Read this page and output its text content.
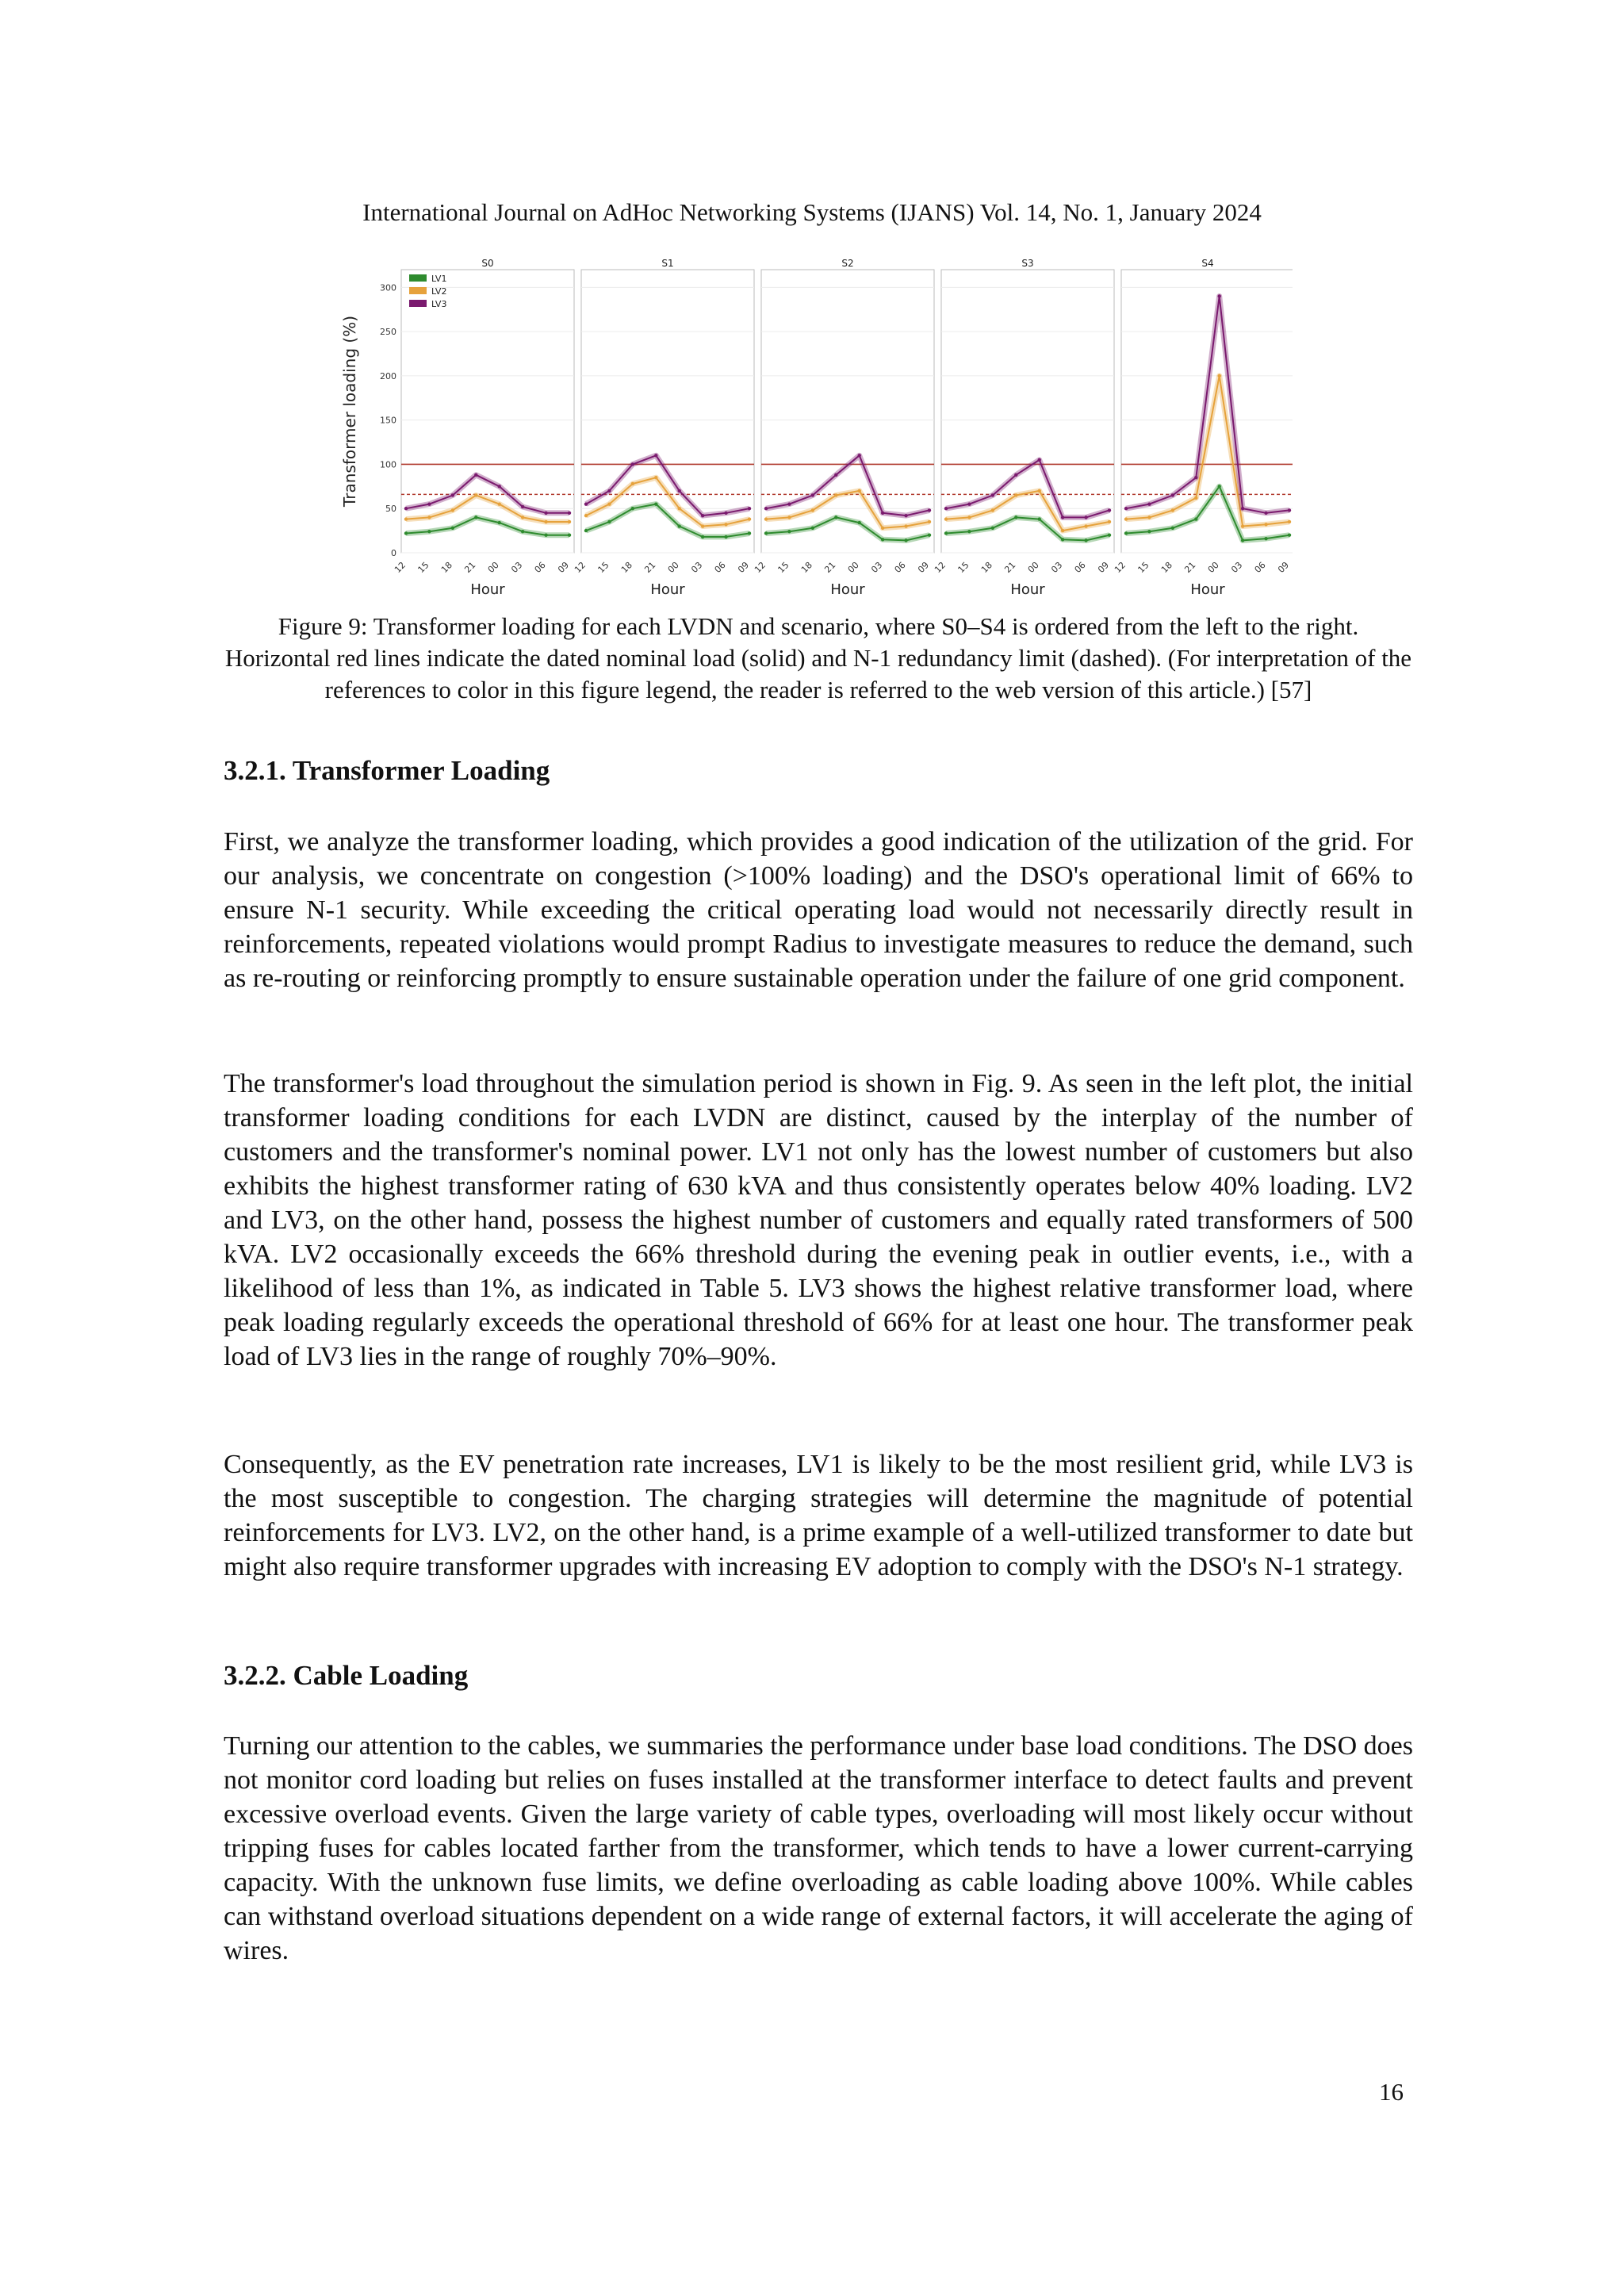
International Journal on AdHoc Networking Systems (IJANS) Vol. 14, No. 1, January 2024
Transformer loading (%)
0
50
100
150
200
250
300
S0
12 15 18 21 00 03 06 09
Hour
S1
12 15 18 21 00 03 06 09
Hour
S2
12 15 18 21 00 03 06 09
Hour
S3
12 15 18 21 00 03 06 09
Hour
S4
12 15 18 21 00 03 06 09
Hour
LV1
LV2
LV3
Figure 9: Transformer loading for each LVDN and scenario, where S0–S4 is ordered from the left to the right. Horizontal red lines indicate the dated nominal load (solid) and N-1 redundancy limit (dashed). (For interpretation of the references to color in this figure legend, the reader is referred to the web version of this article.) [57]
3.2.1. Transformer Loading

First, we analyze the transformer loading, which provides a good indication of the utilization of the grid. For our analysis, we concentrate on congestion (>100% loading) and the DSO's operational limit of 66% to ensure N-1 security. While exceeding the critical operating load would not necessarily directly result in reinforcements, repeated violations would prompt Radius to investigate measures to reduce the demand, such as re-routing or reinforcing promptly to ensure sustainable operation under the failure of one grid component.

The transformer's load throughout the simulation period is shown in Fig. 9. As seen in the left plot, the initial transformer loading conditions for each LVDN are distinct, caused by the interplay of the number of customers and the transformer's nominal power. LV1 not only has the lowest number of customers but also exhibits the highest transformer rating of 630 kVA and thus consistently operates below 40% loading. LV2 and LV3, on the other hand, possess the highest number of customers and equally rated transformers of 500 kVA. LV2 occasionally exceeds the 66% threshold during the evening peak in outlier events, i.e., with a likelihood of less than 1%, as indicated in Table 5. LV3 shows the highest relative transformer load, where peak loading regularly exceeds the operational threshold of 66% for at least one hour. The transformer peak load of LV3 lies in the range of roughly 70%–90%.

Consequently, as the EV penetration rate increases, LV1 is likely to be the most resilient grid, while LV3 is the most susceptible to congestion. The charging strategies will determine the magnitude of potential reinforcements for LV3. LV2, on the other hand, is a prime example of a well-utilized transformer to date but might also require transformer upgrades with increasing EV adoption to comply with the DSO's N-1 strategy.

3.2.2. Cable Loading

Turning our attention to the cables, we summaries the performance under base load conditions. The DSO does not monitor cord loading but relies on fuses installed at the transformer interface to detect faults and prevent excessive overload events. Given the large variety of cable types, overloading will most likely occur without tripping fuses for cables located farther from the transformer, which tends to have a lower current-carrying capacity. With the unknown fuse limits, we define overloading as cable loading above 100%. While cables can withstand overload situations dependent on a wide range of external factors, it will accelerate the aging of wires.

16
